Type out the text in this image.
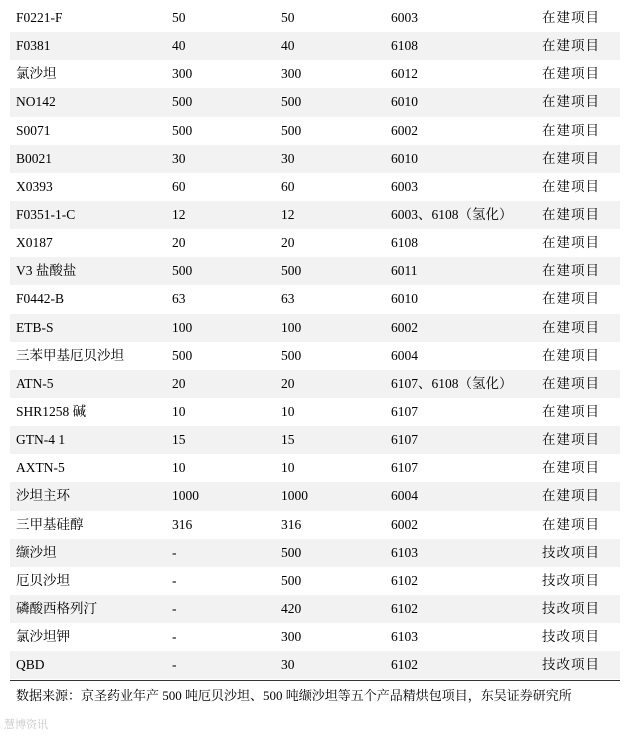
F0221-F	50	50	6003	在建项目
F0381	40	40	6108	在建项目
氯沙坦	300	300	6012	在建项目
NO142	500	500	6010	在建项目
S0071	500	500	6002	在建项目
B0021	30	30	6010	在建项目
X0393	60	60	6003	在建项目
F0351-1-C	12	12	6003、6108（氢化） 在建项目
X0187	20	20	6108	在建项目
V3 盐酸盐	500	500	6011	在建项目
F0442-B	63	63	6010	在建项目
ETB-S	100	100	6002	在建项目
三苯甲基厄贝沙坦	500	500	6004	在建项目
ATN-5	20	20	6107、6108（氢化） 在建项目
SHR1258 碱	10	10	6107	在建项目
GTN-4 1	15	15	6107	在建项目
AXTN-5	10	10	6107	在建项目
沙坦主环	1000	1000	6004	在建项目
三甲基硅醇	316	316	6002	在建项目
缬沙坦	-	500	6103	技改项目
厄贝沙坦	-	500	6102	技改项目
磷酸西格列汀	-	420	6102	技改项目
氯沙坦钾	-	300	6103	技改项目
QBD	-	30	6102	技改项目
数据来源：京圣药业年产 500 吨厄贝沙坦、500 吨缬沙坦等五个产品精烘包项目，东吴证券研究所
慧博资讯
